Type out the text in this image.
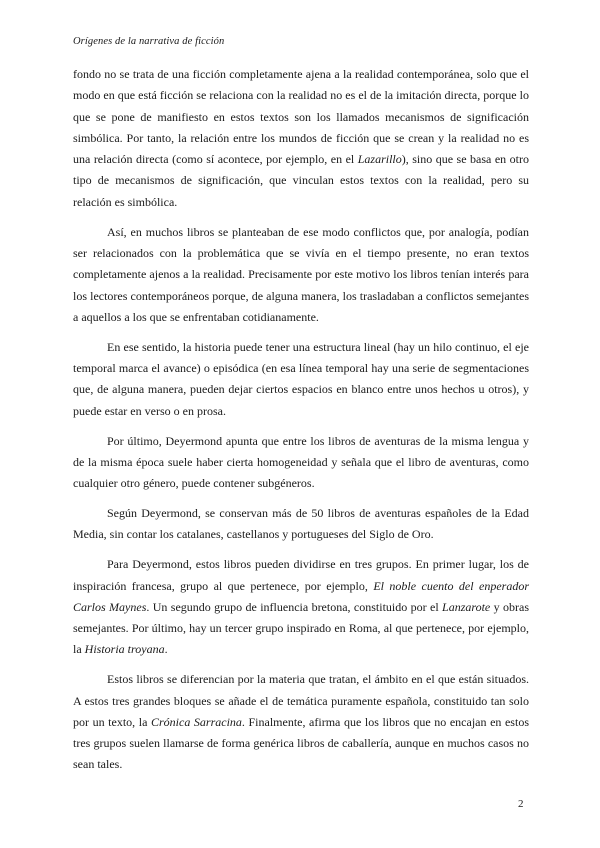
Orígenes de la narrativa de ficción

fondo no se trata de una ficción completamente ajena a la realidad contemporánea, solo que el modo en que está ficción se relaciona con la realidad no es el de la imitación directa, porque lo que se pone de manifiesto en estos textos son los llamados mecanismos de significación simbólica. Por tanto, la relación entre los mundos de ficción que se crean y la realidad no es una relación directa (como sí acontece, por ejemplo, en el Lazarillo), sino que se basa en otro tipo de mecanismos de significación, que vinculan estos textos con la realidad, pero su relación es simbólica.

Así, en muchos libros se planteaban de ese modo conflictos que, por analogía, podían ser relacionados con la problemática que se vivía en el tiempo presente, no eran textos completamente ajenos a la realidad. Precisamente por este motivo los libros tenían interés para los lectores contemporáneos porque, de alguna manera, los trasladaban a conflictos semejantes a aquellos a los que se enfrentaban cotidianamente.

En ese sentido, la historia puede tener una estructura lineal (hay un hilo continuo, el eje temporal marca el avance) o episódica (en esa línea temporal hay una serie de segmentaciones que, de alguna manera, pueden dejar ciertos espacios en blanco entre unos hechos u otros), y puede estar en verso o en prosa.

Por último, Deyermond apunta que entre los libros de aventuras de la misma lengua y de la misma época suele haber cierta homogeneidad y señala que el libro de aventuras, como cualquier otro género, puede contener subgéneros.

Según Deyermond, se conservan más de 50 libros de aventuras españoles de la Edad Media, sin contar los catalanes, castellanos y portugueses del Siglo de Oro.

Para Deyermond, estos libros pueden dividirse en tres grupos. En primer lugar, los de inspiración francesa, grupo al que pertenece, por ejemplo, El noble cuento del enperador Carlos Maynes. Un segundo grupo de influencia bretona, constituido por el Lanzarote y obras semejantes. Por último, hay un tercer grupo inspirado en Roma, al que pertenece, por ejemplo, la Historia troyana.

Estos libros se diferencian por la materia que tratan, el ámbito en el que están situados. A estos tres grandes bloques se añade el de temática puramente española, constituido tan solo por un texto, la Crónica Sarracina. Finalmente, afirma que los libros que no encajan en estos tres grupos suelen llamarse de forma genérica libros de caballería, aunque en muchos casos no sean tales.

2
